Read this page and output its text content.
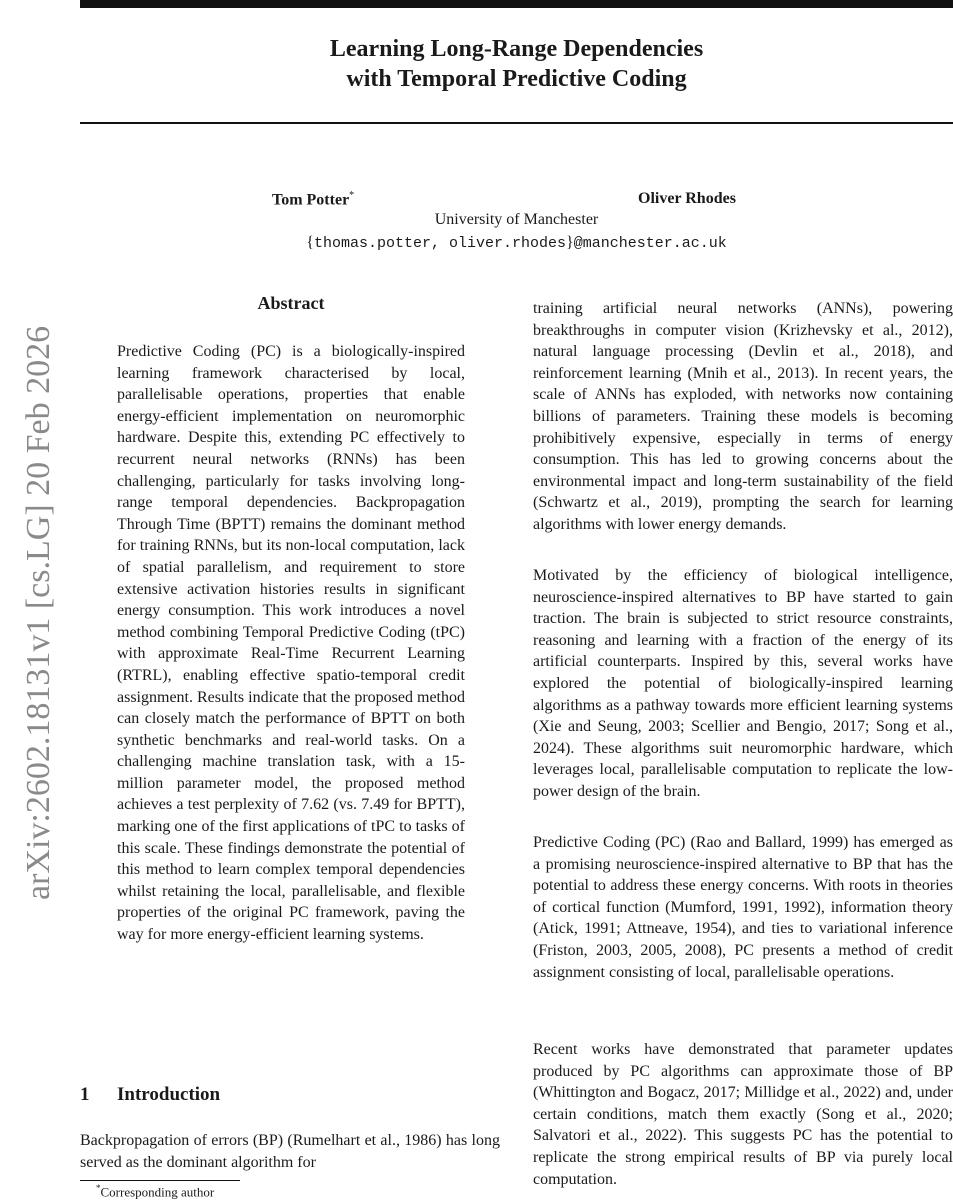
Learning Long-Range Dependencies
with Temporal Predictive Coding
Tom Potter*	Oliver Rhodes
University of Manchester
{thomas.potter, oliver.rhodes}@manchester.ac.uk
arXiv:2602.18131v1 [cs.LG] 20 Feb 2026
Abstract
Predictive Coding (PC) is a biologically-inspired learning framework characterised by local, parallelisable operations, properties that enable energy-efficient implementation on neuromorphic hardware. Despite this, extending PC effectively to recurrent neural networks (RNNs) has been challenging, particularly for tasks involving long-range temporal dependencies. Backpropagation Through Time (BPTT) remains the dominant method for training RNNs, but its non-local computation, lack of spatial parallelism, and requirement to store extensive activation histories results in significant energy consumption. This work introduces a novel method combining Temporal Predictive Coding (tPC) with approximate Real-Time Recurrent Learning (RTRL), enabling effective spatio-temporal credit assignment. Results indicate that the proposed method can closely match the performance of BPTT on both synthetic benchmarks and real-world tasks. On a challenging machine translation task, with a 15-million parameter model, the proposed method achieves a test perplexity of 7.62 (vs. 7.49 for BPTT), marking one of the first applications of tPC to tasks of this scale. These findings demonstrate the potential of this method to learn complex temporal dependencies whilst retaining the local, parallelisable, and flexible properties of the original PC framework, paving the way for more energy-efficient learning systems.
1 Introduction
Backpropagation of errors (BP) (Rumelhart et al., 1986) has long served as the dominant algorithm for
*Corresponding author
training artificial neural networks (ANNs), powering breakthroughs in computer vision (Krizhevsky et al., 2012), natural language processing (Devlin et al., 2018), and reinforcement learning (Mnih et al., 2013). In recent years, the scale of ANNs has exploded, with networks now containing billions of parameters. Training these models is becoming prohibitively expensive, especially in terms of energy consumption. This has led to growing concerns about the environmental impact and long-term sustainability of the field (Schwartz et al., 2019), prompting the search for learning algorithms with lower energy demands.
Motivated by the efficiency of biological intelligence, neuroscience-inspired alternatives to BP have started to gain traction. The brain is subjected to strict resource constraints, reasoning and learning with a fraction of the energy of its artificial counterparts. Inspired by this, several works have explored the potential of biologically-inspired learning algorithms as a pathway towards more efficient learning systems (Xie and Seung, 2003; Scellier and Bengio, 2017; Song et al., 2024). These algorithms suit neuromorphic hardware, which leverages local, parallelisable computation to replicate the low-power design of the brain.
Predictive Coding (PC) (Rao and Ballard, 1999) has emerged as a promising neuroscience-inspired alternative to BP that has the potential to address these energy concerns. With roots in theories of cortical function (Mumford, 1991, 1992), information theory (Atick, 1991; Attneave, 1954), and ties to variational inference (Friston, 2003, 2005, 2008), PC presents a method of credit assignment consisting of local, parallelisable operations.
Recent works have demonstrated that parameter updates produced by PC algorithms can approximate those of BP (Whittington and Bogacz, 2017; Millidge et al., 2022) and, under certain conditions, match them exactly (Song et al., 2020; Salvatori et al., 2022). This suggests PC has the potential to replicate the strong empirical results of BP via purely local computation.
